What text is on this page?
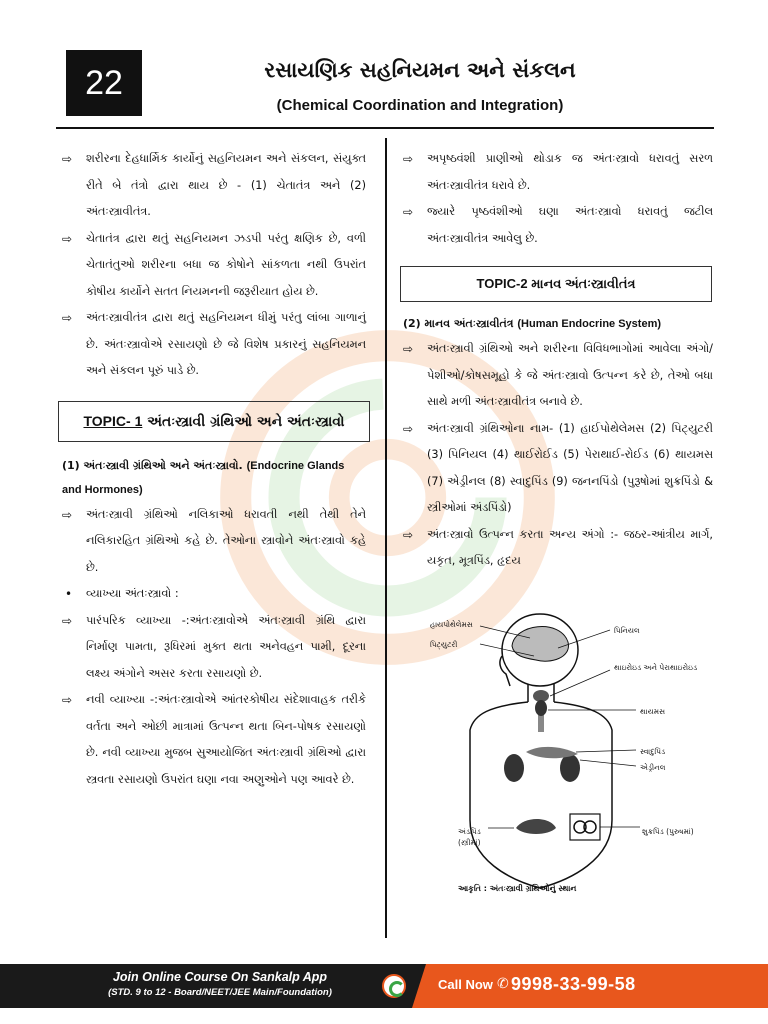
22	રસાયણિક સહનિયમન અને સંકલન
(Chemical Coordination and Integration)
⇨ શરીરના દેહધાર્મિક કાર્યોનું સહનિયમન અને સંકલન, સંયુક્ત રીતે બે તંત્રો દ્વારા થાય છે - (1) ચેતાતંત્ર અને (2) અંતઃસ્ત્રાવીતંત્ર.
⇨ ચેતાતંત્ર દ્વારા થતું સહનિયમન ઝડપી પરંતુ ક્ષણિક છે, વળી ચેતાતંતુઓ શરીરના બધા જ કોષોને સાંકળતા નથી ઉપરાંત કોષીય કાર્યોને સતત નિયમનની જરૂરીયાત હોય છે.
⇨ અંતઃસ્ત્રાવીતંત્ર દ્વારા થતું સહનિયમન ધીમું પરંતુ લાંબા ગાળાનું છે. અંતઃસ્ત્રાવોએ રસાયણો છે જે વિશેષ પ્રકારનું સહનિયમન અને સંકલન પૂરું પાડે છે.
TOPIC- 1 અંતઃસ્ત્રાવી ગ્રંથિઓ અને અંતઃસ્ત્રાવો
(1) અંતઃસ્ત્રાવી ગ્રંથિઓ અને અંતઃસ્ત્રાવો. (Endocrine Glands and Hormones)
⇨ અંતઃસ્ત્રાવી ગ્રંથિઓ નલિકાઓ ધરાવતી નથી તેથી તેને નલિકારહિત ગ્રંથિઓ કહે છે. તેઓના સ્ત્રાવોને અંતઃસ્ત્રાવો કહે છે.
• વ્યાખ્યા અંતઃસ્ત્રાવો :
⇨ પારંપરિક વ્યાખ્યા -:અંતઃસ્ત્રાવોએ અંતઃસ્ત્રાવી ગ્રંથિ દ્વારા નિર્માણ પામતા, રૂધિરમાં મુક્ત થતા અનેવહન પામી, દૂરના લક્ષ્ય અંગોને અસર કરતા રસાયણો છે.
⇨ નવી વ્યાખ્યા -:અંતઃસ્ત્રાવોએ આંતરકોષીય સંદેશાવાહક તરીકે વર્તતા અને ઓછી માત્રામાં ઉત્પન્ન થતા બિન-પોષક રસાયણો છે. નવી વ્યાખ્યા મુજબ સુઆયોજિત અંતઃસ્ત્રાવી ગ્રંથિઓ દ્વારા સ્ત્રવતા રસાયણો ઉપરાંત ઘણા નવા અણુઓને પણ આવરે છે.
⇨ અપૃષ્ઠવંશી પ્રાણીઓ થોડાક જ અંતઃસ્ત્રાવો ધરાવતું સરળ અંતઃસ્ત્રાવીતંત્ર ધરાવે છે.
⇨ જ્યારે પૃષ્ઠવંશીઓ ઘણા અંતઃસ્ત્રાવો ધરાવતું જટીલ અંતઃસ્ત્રાવીતંત્ર આવેલુ છે.
TOPIC-2 માનવ અંતઃસ્ત્રાવીતંત્ર
(2) માનવ અંતઃસ્ત્રાવીતંત્ર (Human Endocrine System)
⇨ અંતઃસ્ત્રાવી ગ્રંથિઓ અને શરીરના વિવિધભાગોમાં આવેલા અંગો/પેશીઓ/કોષસમૂહો કે જે અંતઃસ્ત્રાવો ઉત્પન્ન કરે છે, તેઓ બધા સાથે મળી અંતઃસ્ત્રાવીતંત્ર બનાવે છે.
⇨ અંતઃસ્ત્રાવી ગ્રંથિઓના નામ- (1) હાઈપોથેલેમસ (2) પિટ્યુટરી (3) પિનિયલ (4) થાઈરોઈડ (5) પેરાથાઈ-રોઈડ (6) થાયમસ (7) એડ્રીનલ (8) સ્વાદુપિંડ (9) જનનપિંડો (પુરૂષોમાં શુક્રપિંડો & સ્ત્રીઓમાં અંડપિંડો)
⇨ અંતઃસ્ત્રાવો ઉત્પન્ન કરતા અન્ય અંગો :- જઠર-આંત્રીય માર્ગ, યકૃત, મૂત્રપિંડ, હૃદય
હાયપોથેલેમસ
પિટ્યુટરી
પિનિયલ
થાઇરોઇડ અને પેરાથાઇરોઇડ
થાયમસ
સ્વાદુપિંડ
એડ્રીનલ
અંડપિંડ (સ્ત્રીમાં)
શુક્રપિંડ (પુરુષમાં)
આકૃતિ : અંતઃસ્ત્રાવી ગ્રંથિઓનું સ્થાન
Join Online Course On Sankalp App
(STD. 9 to 12 - Board/NEET/JEE Main/Foundation)
Call Now ✆ 9998-33-99-58
